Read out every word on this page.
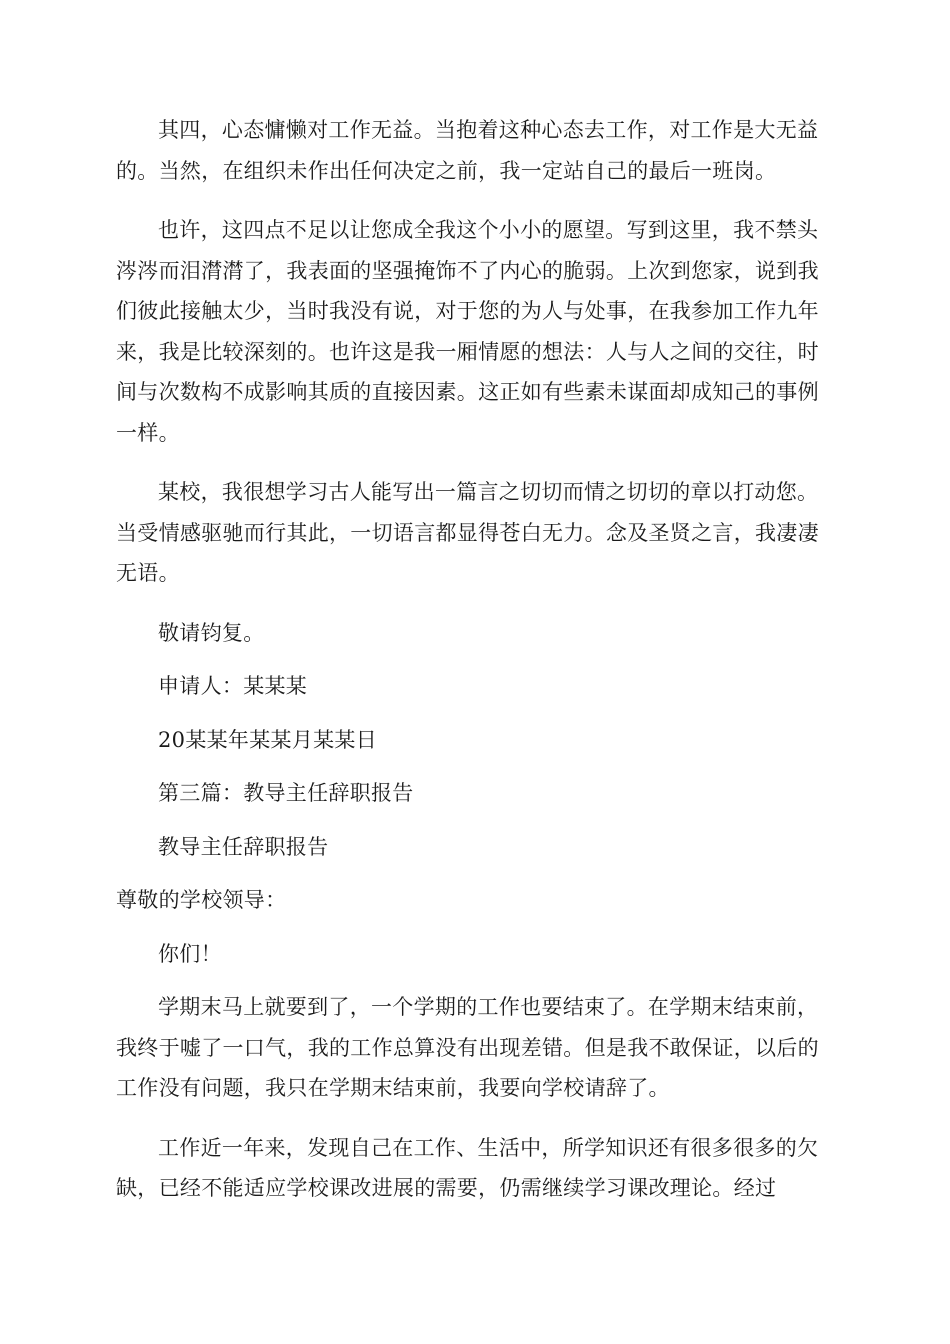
其四，心态慵懒对工作无益。当抱着这种心态去工作，对工作是大无益的。当然，在组织未作出任何决定之前，我一定站自己的最后一班岗。

也许，这四点不足以让您成全我这个小小的愿望。写到这里，我不禁头涔涔而泪潸潸了，我表面的坚强掩饰不了内心的脆弱。上次到您家，说到我们彼此接触太少，当时我没有说，对于您的为人与处事，在我参加工作九年来，我是比较深刻的。也许这是我一厢情愿的想法：人与人之间的交往，时间与次数构不成影响其质的直接因素。这正如有些素未谋面却成知己的事例一样。

某校，我很想学习古人能写出一篇言之切切而情之切切的章以打动您。当受情感驱驰而行其此，一切语言都显得苍白无力。念及圣贤之言，我凄凄无语。

敬请钧复。

申请人：某某某

20某某年某某月某某日

第三篇：教导主任辞职报告

教导主任辞职报告

尊敬的学校领导：

你们！

学期末马上就要到了，一个学期的工作也要结束了。在学期末结束前，我终于嘘了一口气，我的工作总算没有出现差错。但是我不敢保证，以后的工作没有问题，我只在学期末结束前，我要向学校请辞了。

工作近一年来，发现自己在工作、生活中，所学知识还有很多很多的欠缺，已经不能适应学校课改进展的需要，仍需继续学习课改理论。经过
